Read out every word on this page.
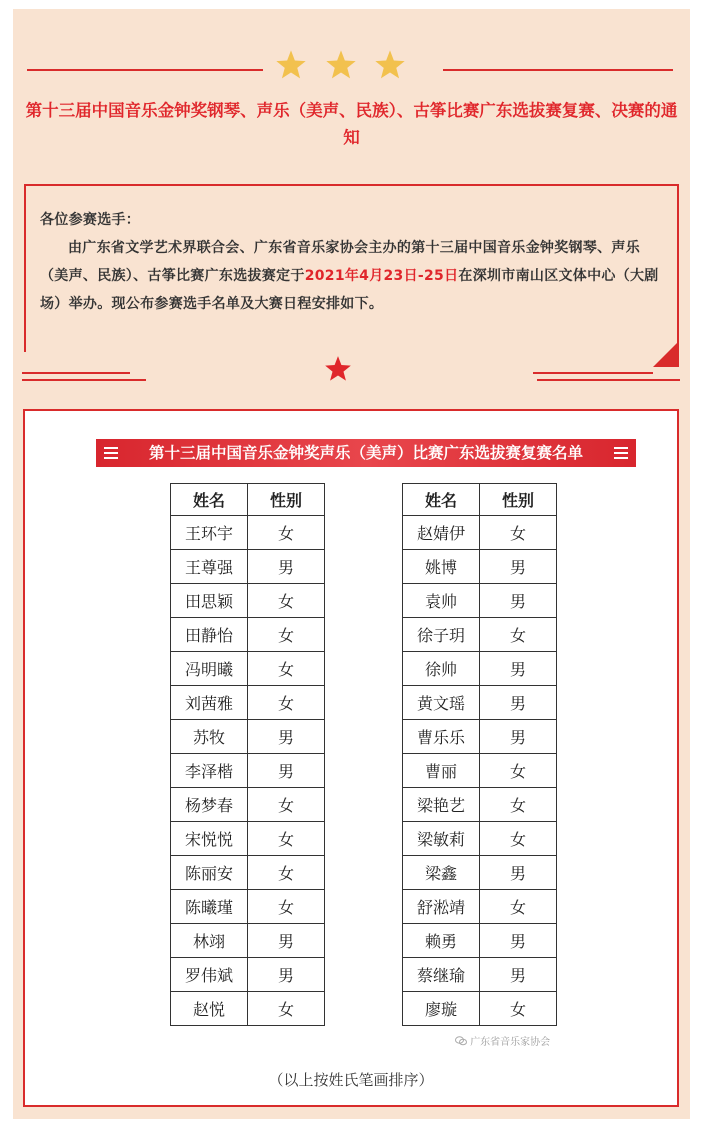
第十三届中国音乐金钟奖钢琴、声乐（美声、民族）、古筝比赛广东选拔赛复赛、决赛的通知
各位参赛选手：
由广东省文学艺术界联合会、广东省音乐家协会主办的第十三届中国音乐金钟奖钢琴、声乐（美声、民族）、古筝比赛广东选拔赛定于2021年4月23日-25日在深圳市南山区文体中心（大剧场）举办。现公布参赛选手名单及大赛日程安排如下。
第十三届中国音乐金钟奖声乐（美声）比赛广东选拔赛复赛名单
姓名	性别
王环宇	女
王尊强	男
田思颖	女
田静怡	女
冯明曦	女
刘茜雅	女
苏牧	男
李泽楷	男
杨梦春	女
宋悦悦	女
陈丽安	女
陈曦瑾	女
林翊	男
罗伟斌	男
赵悦	女
姓名	性别
赵婧伊	女
姚博	男
袁帅	男
徐子玥	女
徐帅	男
黄文瑶	男
曹乐乐	男
曹丽	女
梁艳艺	女
梁敏莉	女
梁鑫	男
舒淞靖	女
赖勇	男
蔡继瑜	男
廖璇	女
广东省音乐家协会
（以上按姓氏笔画排序）
